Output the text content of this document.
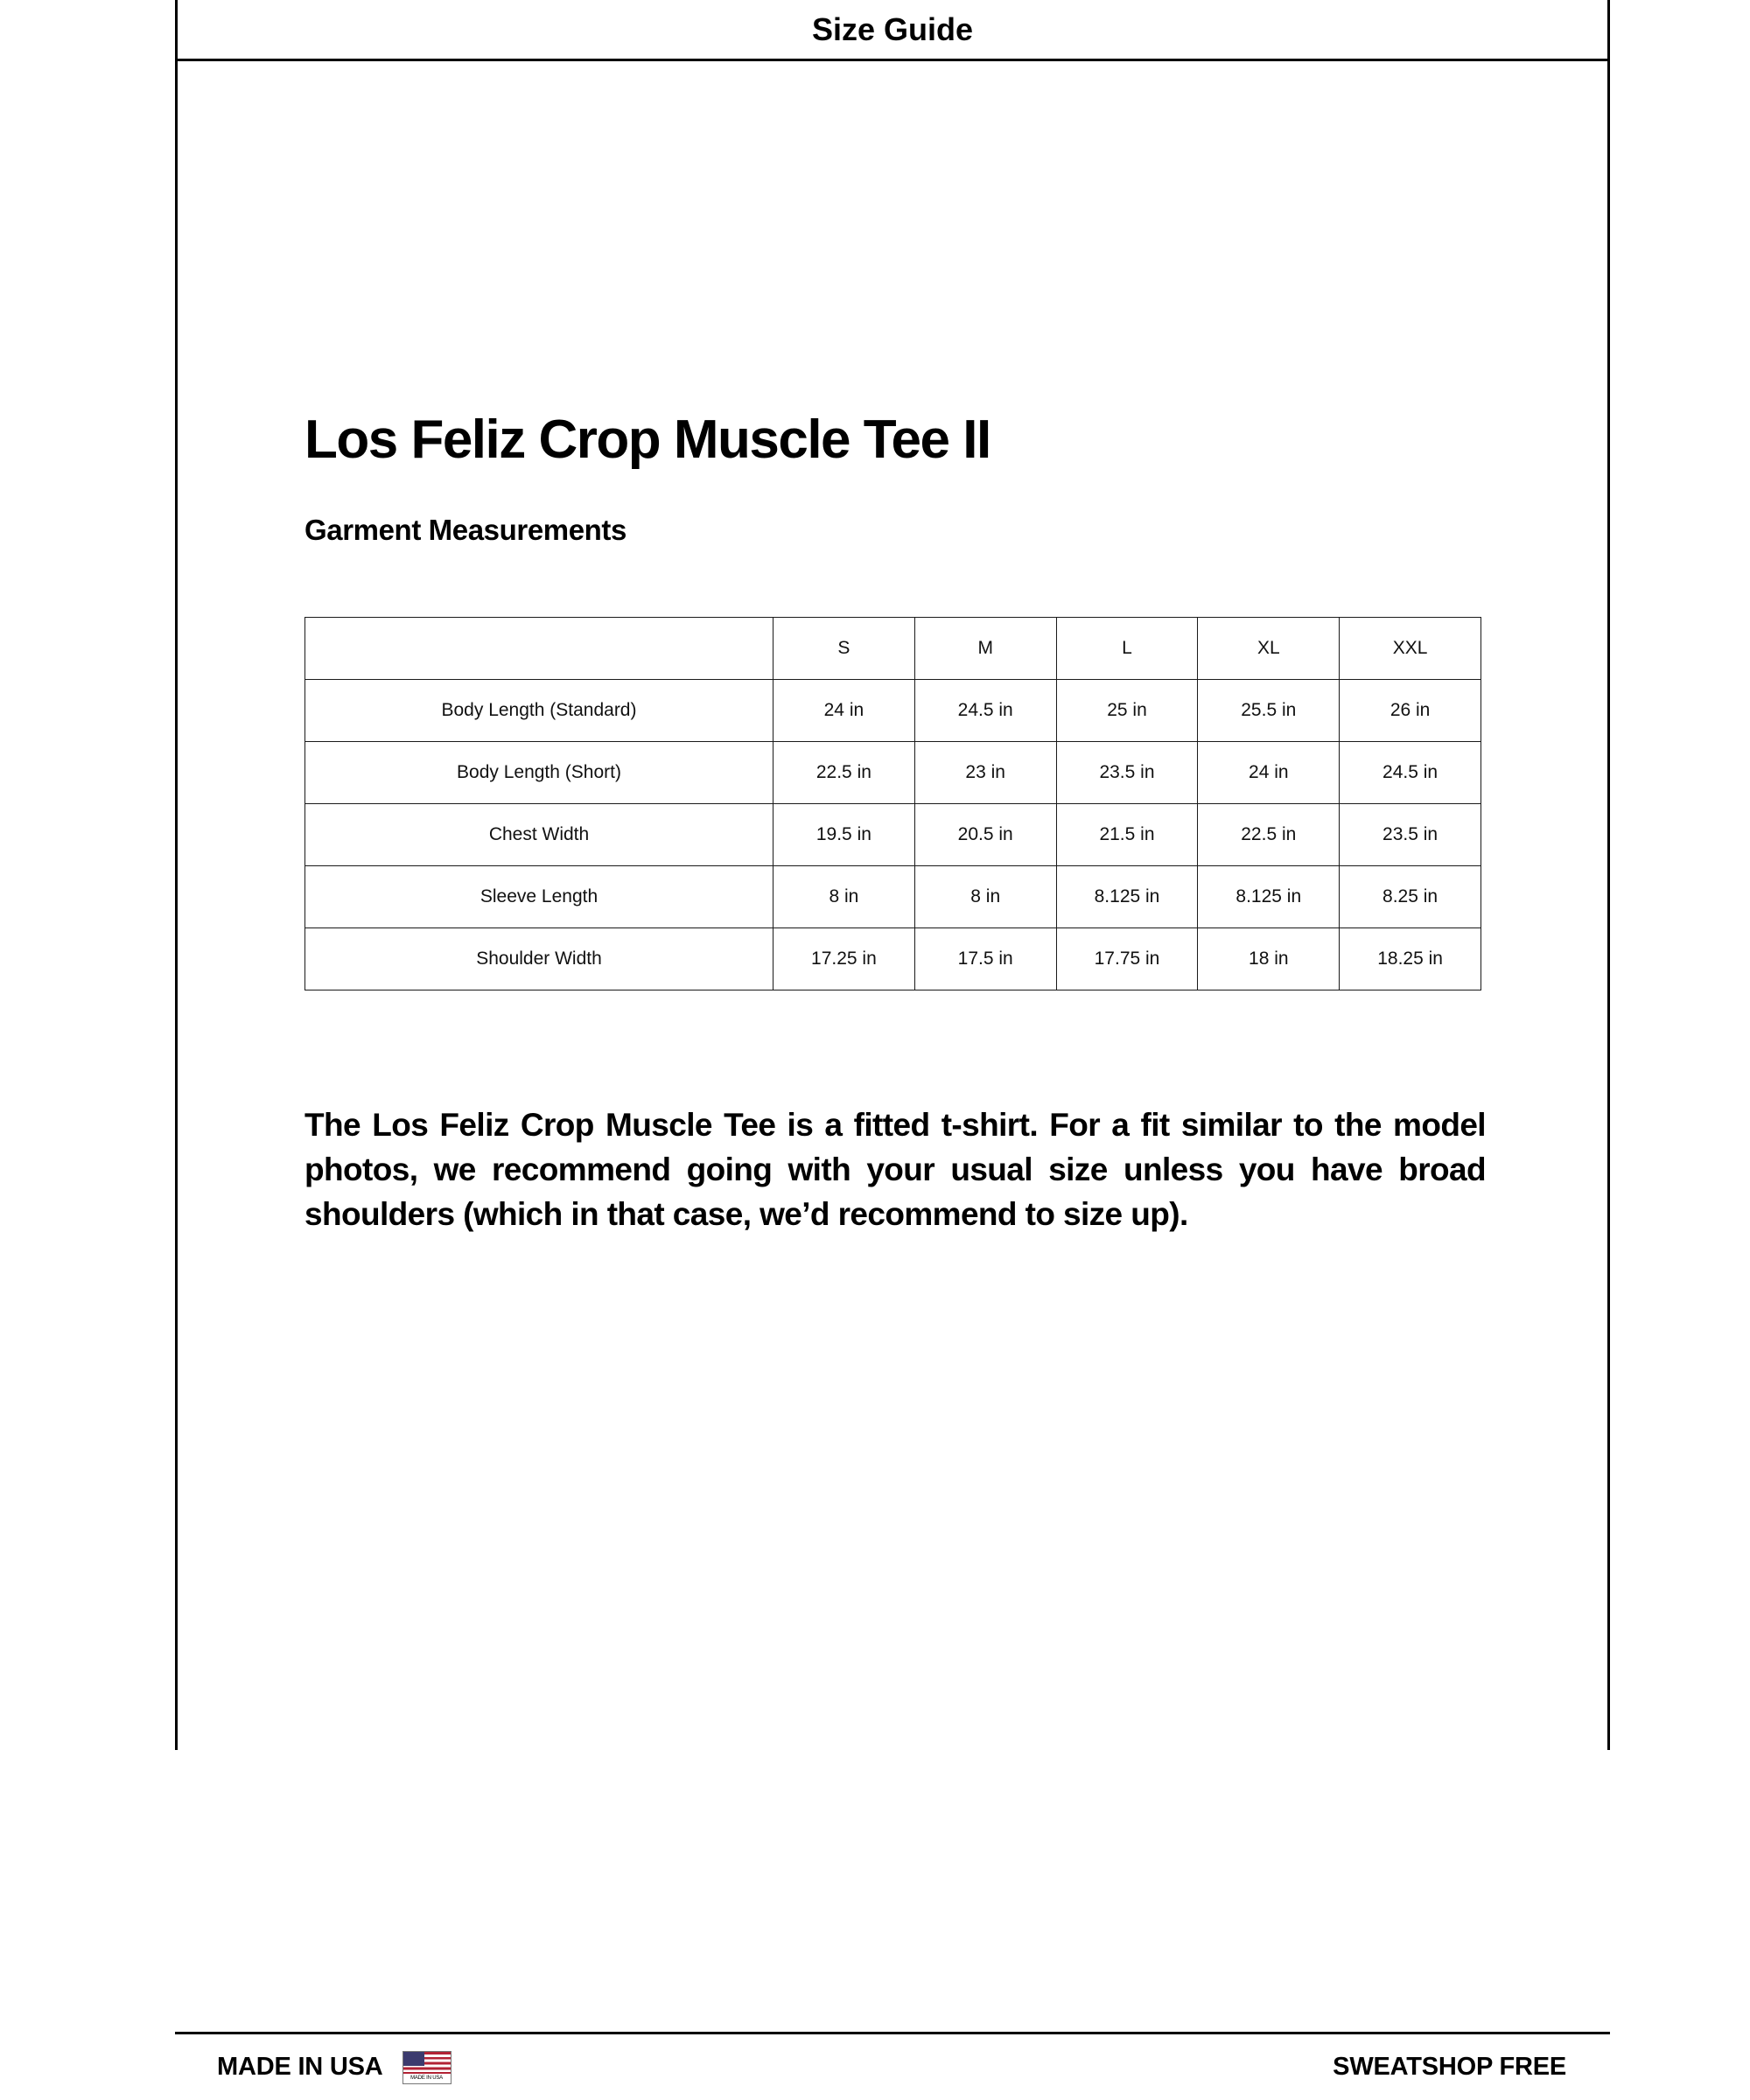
Size Guide
Los Feliz Crop Muscle Tee II
Garment Measurements
	S	M	L	XL	XXL
Body Length (Standard)	24 in	24.5 in	25 in	25.5 in	26 in
Body Length (Short)	22.5 in	23 in	23.5 in	24 in	24.5 in
Chest Width	19.5 in	20.5 in	21.5 in	22.5 in	23.5 in
Sleeve Length	8 in	8 in	8.125 in	8.125 in	8.25 in
Shoulder Width	17.25 in	17.5 in	17.75 in	18 in	18.25 in

The Los Feliz Crop Muscle Tee is a fitted t-shirt. For a fit similar to the model photos, we recommend going with your usual size unless you have broad shoulders (which in that case, we’d recommend to size up).

MADE IN USA	MADE IN USA	SWEATSHOP FREE
